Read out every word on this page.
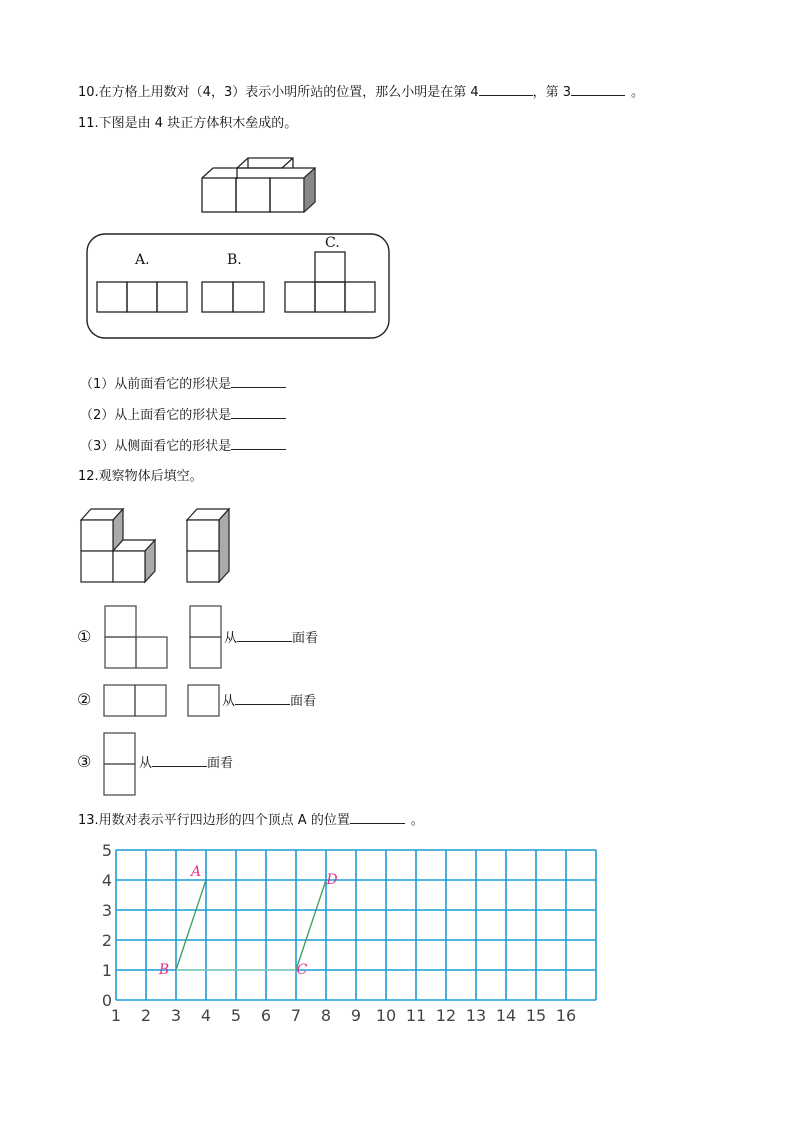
10.在方格上用数对（4，3）表示小明所站的位置，那么小明是在第 4	，第 3	。
11.下图是由 4 块正方体积木垒成的。
A.	B.
C.
（1）从前面看它的形状是
（2）从上面看它的形状是
（3）从侧面看它的形状是
12.观察物体后填空。
①	从	面看
②	从	面看
③	从	面看
13.用数对表示平行四边形的四个顶点 A 的位置	。
1 2 3 4 5 6 7 8 9 10 11 12 13 14 15 16
0
1
2
3
4
5
A
B	C
D
